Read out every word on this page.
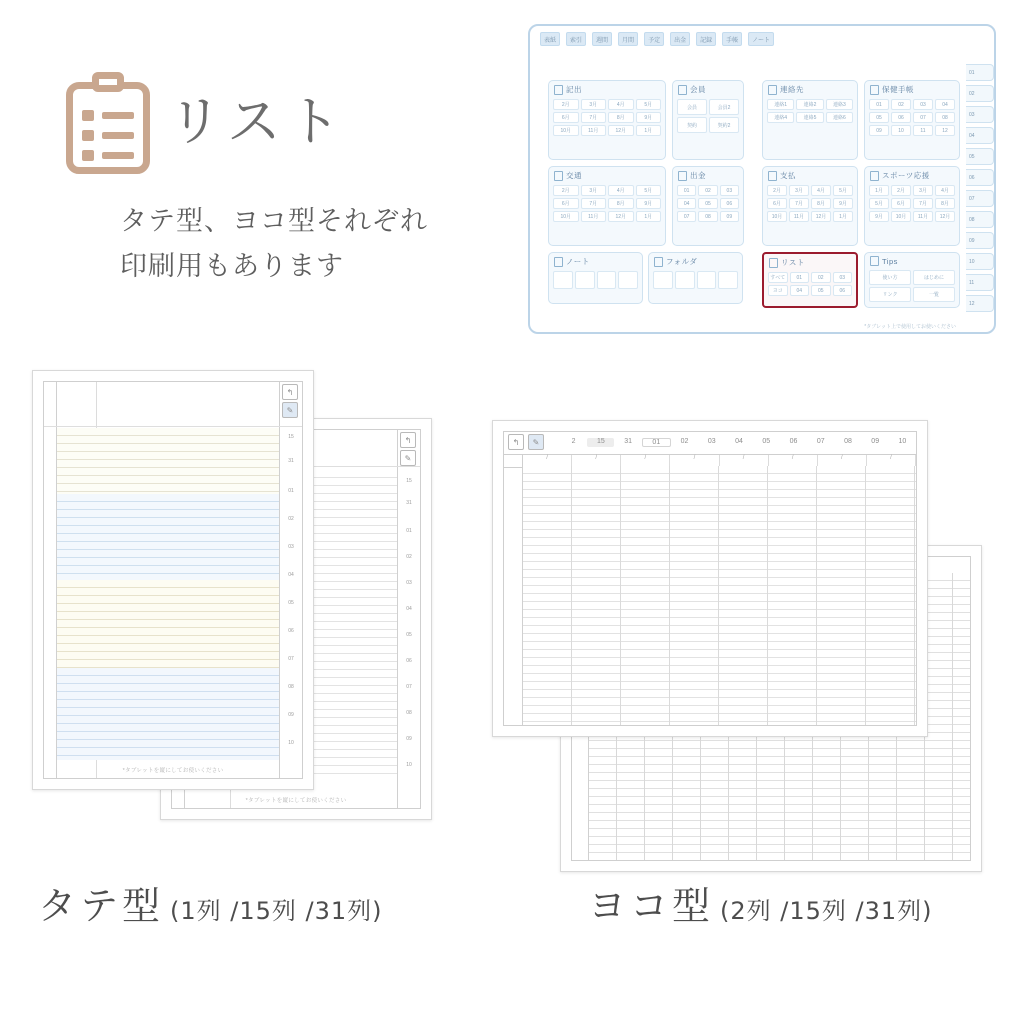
リスト
タテ型、ヨコ型それぞれ
印刷用もあります
表紙	索引	週間	月間	予定	出金	記録	手帳	ノート
記出
2月	3月	4月	5月
6月	7月	8月	9月
10月	11月	12月	1月
交通
2月	3月	4月	5月
6月	7月	8月	9月
10月	11月	12月	1月
ノート	フォルダ
会員
会員	会員2
契約	契約2
出金
01	02	03
04	05	06
07	08	09
連絡先
連絡1	連絡2	連絡3
連絡4	連絡5	連絡6
保健手帳
01	02	03	04
05	06	07	08
09	10	11	12
支払
2月	3月	4月	5月
6月	7月	8月	9月
10月	11月	12月	1月
スポーツ応援
1月	2月	3月	4月
5月	6月	7月	8月
9月	10月	11月	12月
リスト
すべて	01	02	03
ヨコ	04	05	06
Tips
使い方	はじめに
リンク	一覧
01
02
03
04
05
06
07
08
09
10
11
12
*タブレット上で使用してお使いください
↰
✎
15
31
01
02
03
04
05
06
07
08
09
10
*タブレットを縦にしてお使いください
↰
✎
15
31
01
02
03
04
05
06
07
08
09
10
*タブレットを縦にしてお使いください
↰	✎	2	15	31	01	02	03	04	05	06	07	08	09	10
/	/	/	/	/	/	/	/
タテ型 (1列 /15列 /31列)	ヨコ型 (2列 /15列 /31列)
